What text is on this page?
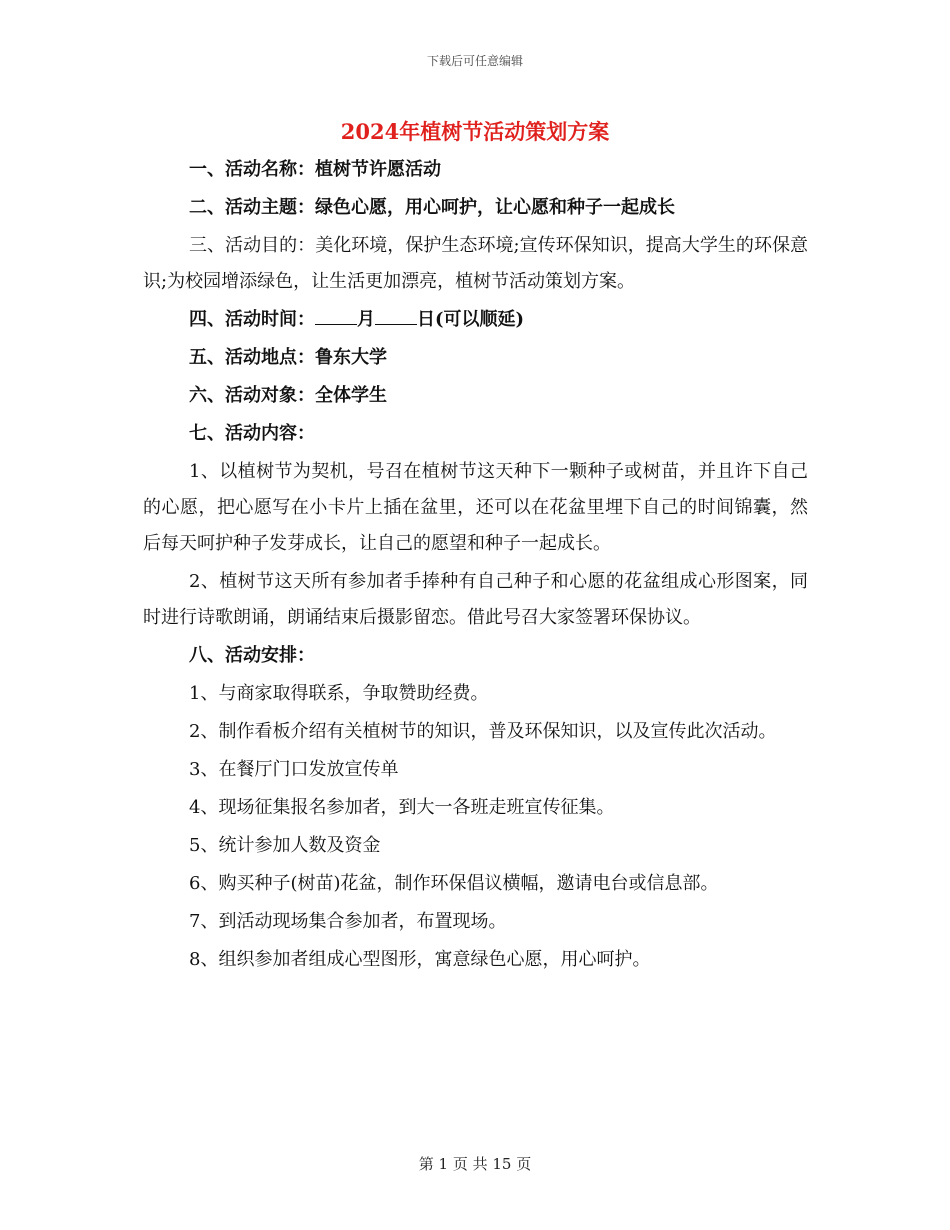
下载后可任意编辑
2024年植树节活动策划方案

一、活动名称：植树节许愿活动

二、活动主题：绿色心愿，用心呵护，让心愿和种子一起成长

三、活动目的：美化环境，保护生态环境;宣传环保知识，提高大学生的环保意识;为校园增添绿色，让生活更加漂亮，植树节活动策划方案。

四、活动时间： 月 日(可以顺延)

五、活动地点：鲁东大学

六、活动对象：全体学生

七、活动内容：

1、以植树节为契机，号召在植树节这天种下一颗种子或树苗，并且许下自己的心愿，把心愿写在小卡片上插在盆里，还可以在花盆里埋下自己的时间锦囊，然后每天呵护种子发芽成长，让自己的愿望和种子一起成长。

2、植树节这天所有参加者手捧种有自己种子和心愿的花盆组成心形图案，同时进行诗歌朗诵，朗诵结束后摄影留恋。借此号召大家签署环保协议。

八、活动安排：

1、与商家取得联系，争取赞助经费。

2、制作看板介绍有关植树节的知识，普及环保知识，以及宣传此次活动。

3、在餐厅门口发放宣传单

4、现场征集报名参加者，到大一各班走班宣传征集。

5、统计参加人数及资金

6、购买种子(树苗)花盆，制作环保倡议横幅，邀请电台或信息部。

7、到活动现场集合参加者，布置现场。

8、组织参加者组成心型图形，寓意绿色心愿，用心呵护。

第 1 页 共 15 页
